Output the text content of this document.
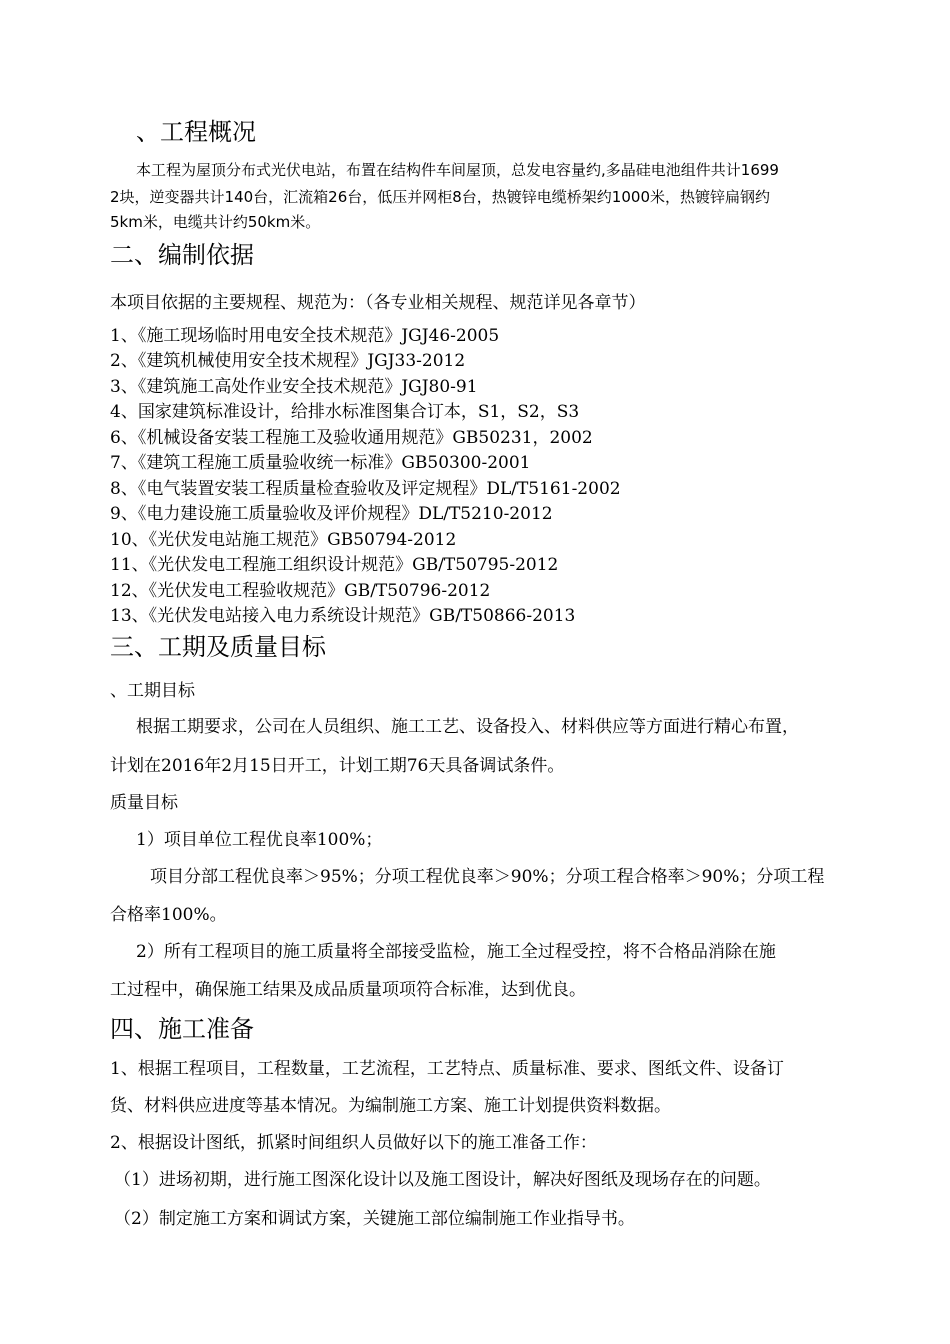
、工程概况
本工程为屋顶分布式光伏电站，布置在结构件车间屋顶，总发电容量约,多晶硅电池组件共计1699
2块，逆变器共计140台，汇流箱26台，低压并网柜8台，热镀锌电缆桥架约1000米，热镀锌扁钢约
5km米，电缆共计约50km米。
二、编制依据
本项目依据的主要规程、规范为：（各专业相关规程、规范详见各章节）
1、《施工现场临时用电安全技术规范》JGJ46-2005
2、《建筑机械使用安全技术规程》JGJ33-2012
3、《建筑施工高处作业安全技术规范》JGJ80-91
4、国家建筑标准设计，给排水标准图集合订本，S1，S2，S3
6、《机械设备安装工程施工及验收通用规范》GB50231，2002
7、《建筑工程施工质量验收统一标准》GB50300-2001
8、《电气装置安装工程质量检查验收及评定规程》DL/T5161-2002
9、《电力建设施工质量验收及评价规程》DL/T5210-2012
10、《光伏发电站施工规范》GB50794-2012
11、《光伏发电工程施工组织设计规范》GB/T50795-2012
12、《光伏发电工程验收规范》GB/T50796-2012
13、《光伏发电站接入电力系统设计规范》GB/T50866-2013
三、工期及质量目标
、工期目标
根据工期要求，公司在人员组织、施工工艺、设备投入、材料供应等方面进行精心布置，
计划在2016年2月15日开工，计划工期76天具备调试条件。
质量目标
1）项目单位工程优良率100%；
项目分部工程优良率＞95%；分项工程优良率＞90%；分项工程合格率＞90%；分项工程
合格率100%。
2）所有工程项目的施工质量将全部接受监检，施工全过程受控，将不合格品消除在施
工过程中，确保施工结果及成品质量项项符合标准，达到优良。
四、施工准备
1、根据工程项目，工程数量，工艺流程，工艺特点、质量标准、要求、图纸文件、设备订
货、材料供应进度等基本情况。为编制施工方案、施工计划提供资料数据。
2、根据设计图纸，抓紧时间组织人员做好以下的施工准备工作：
（1）进场初期，进行施工图深化设计以及施工图设计，解决好图纸及现场存在的问题。
（2）制定施工方案和调试方案，关键施工部位编制施工作业指导书。
